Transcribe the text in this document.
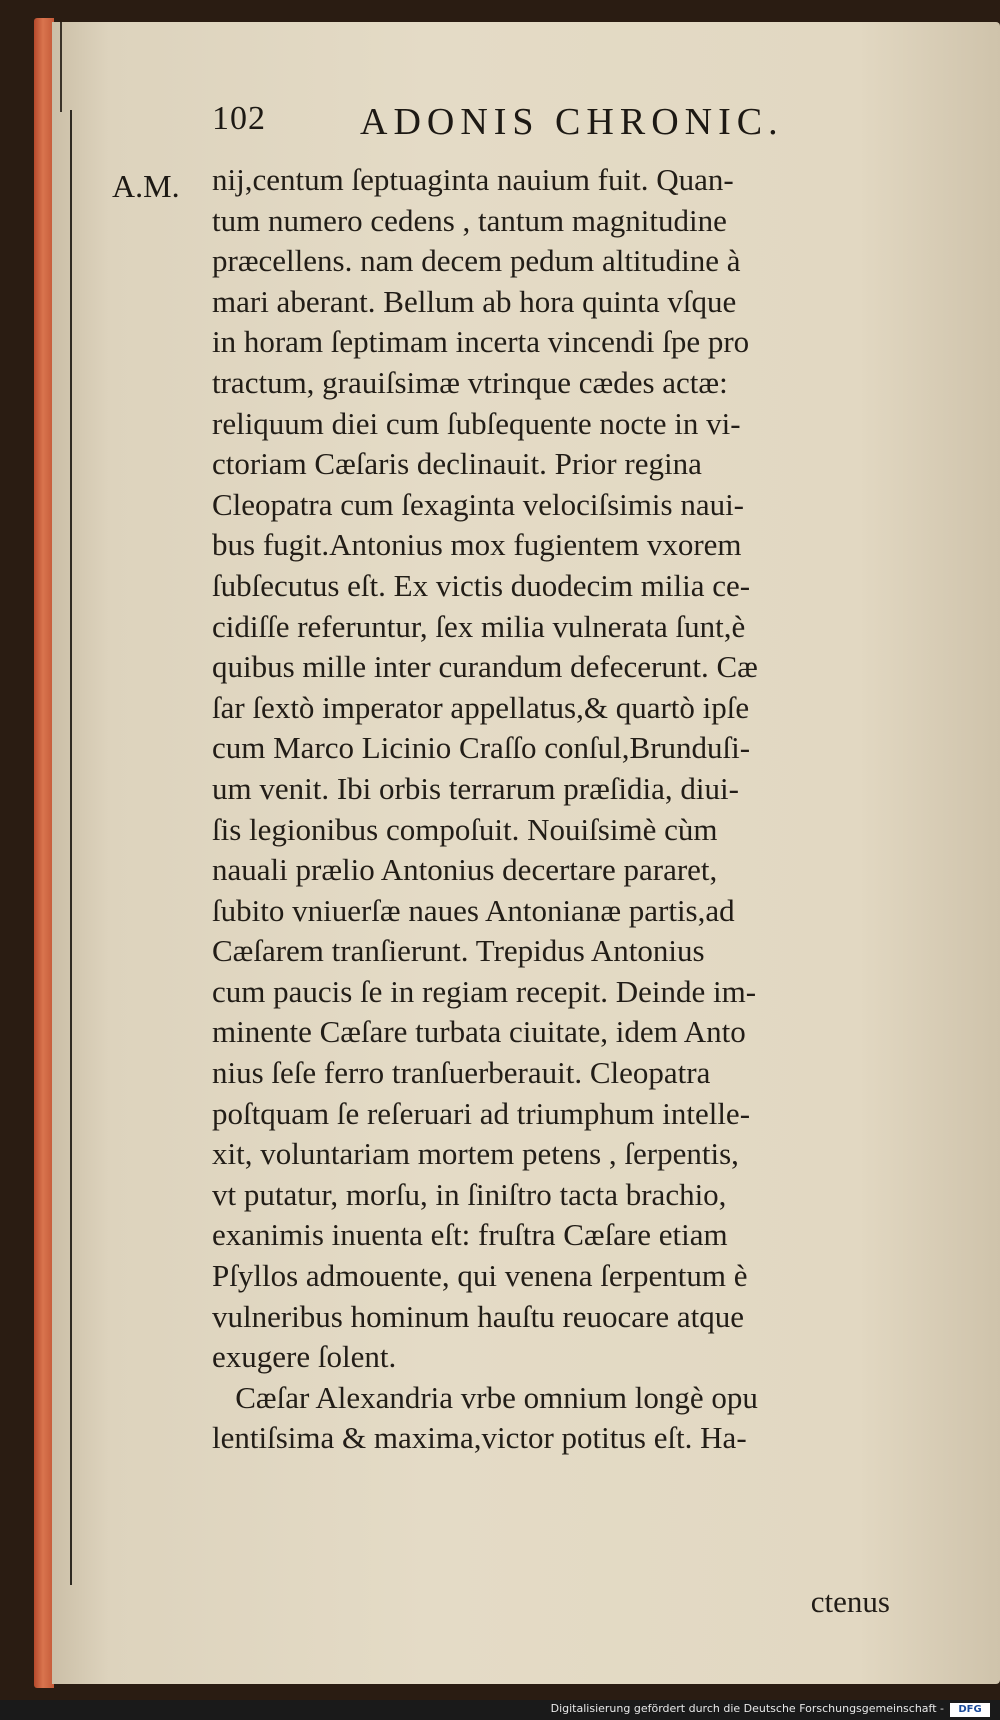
102 ADONIS CHRONIC.
A.M. nij,centum ſeptuaginta nauium fuit. Quan-
tum numero cedens , tantum magnitudine
præcellens. nam decem pedum altitudine à
mari aberant. Bellum ab hora quinta vſque
in horam ſeptimam incerta vincendi ſpe pro
tractum, grauiſsimæ vtrinque cædes actæ:
reliquum diei cum ſubſequente nocte in vi-
ctoriam Cæſaris declinauit. Prior regina
Cleopatra cum ſexaginta velociſsimis naui-
bus fugit.Antonius mox fugientem vxorem
ſubſecutus eſt. Ex victis duodecim milia ce-
cidiſſe referuntur, ſex milia vulnerata ſunt,è
quibus mille inter curandum defecerunt. Cæ
ſar ſextò imperator appellatus,& quartò ipſe
cum Marco Licinio Craſſo conſul,Brunduſi-
um venit. Ibi orbis terrarum præſidia, diui-
ſis legionibus compoſuit. Nouiſsimè cùm
nauali prælio Antonius decertare pararet,
ſubito vniuerſæ naues Antonianæ partis,ad
Cæſarem tranſierunt. Trepidus Antonius
cum paucis ſe in regiam recepit. Deinde im-
minente Cæſare turbata ciuitate, idem Anto
nius ſeſe ferro tranſuerberauit. Cleopatra
poſtquam ſe reſeruari ad triumphum intelle-
xit, voluntariam mortem petens , ſerpentis,
vt putatur, morſu, in ſiniſtro tacta brachio,
exanimis inuenta eſt: fruſtra Cæſare etiam
Pſyllos admouente, qui venena ſerpentum è
vulneribus hominum hauſtu reuocare atque
exugere ſolent.
Cæſar Alexandria vrbe omnium longè opu
lentiſsima & maxima,victor potitus eſt. Ha-
ctenus
Digitalisierung gefördert durch die Deutsche Forschungsgemeinschaft -	DFG
